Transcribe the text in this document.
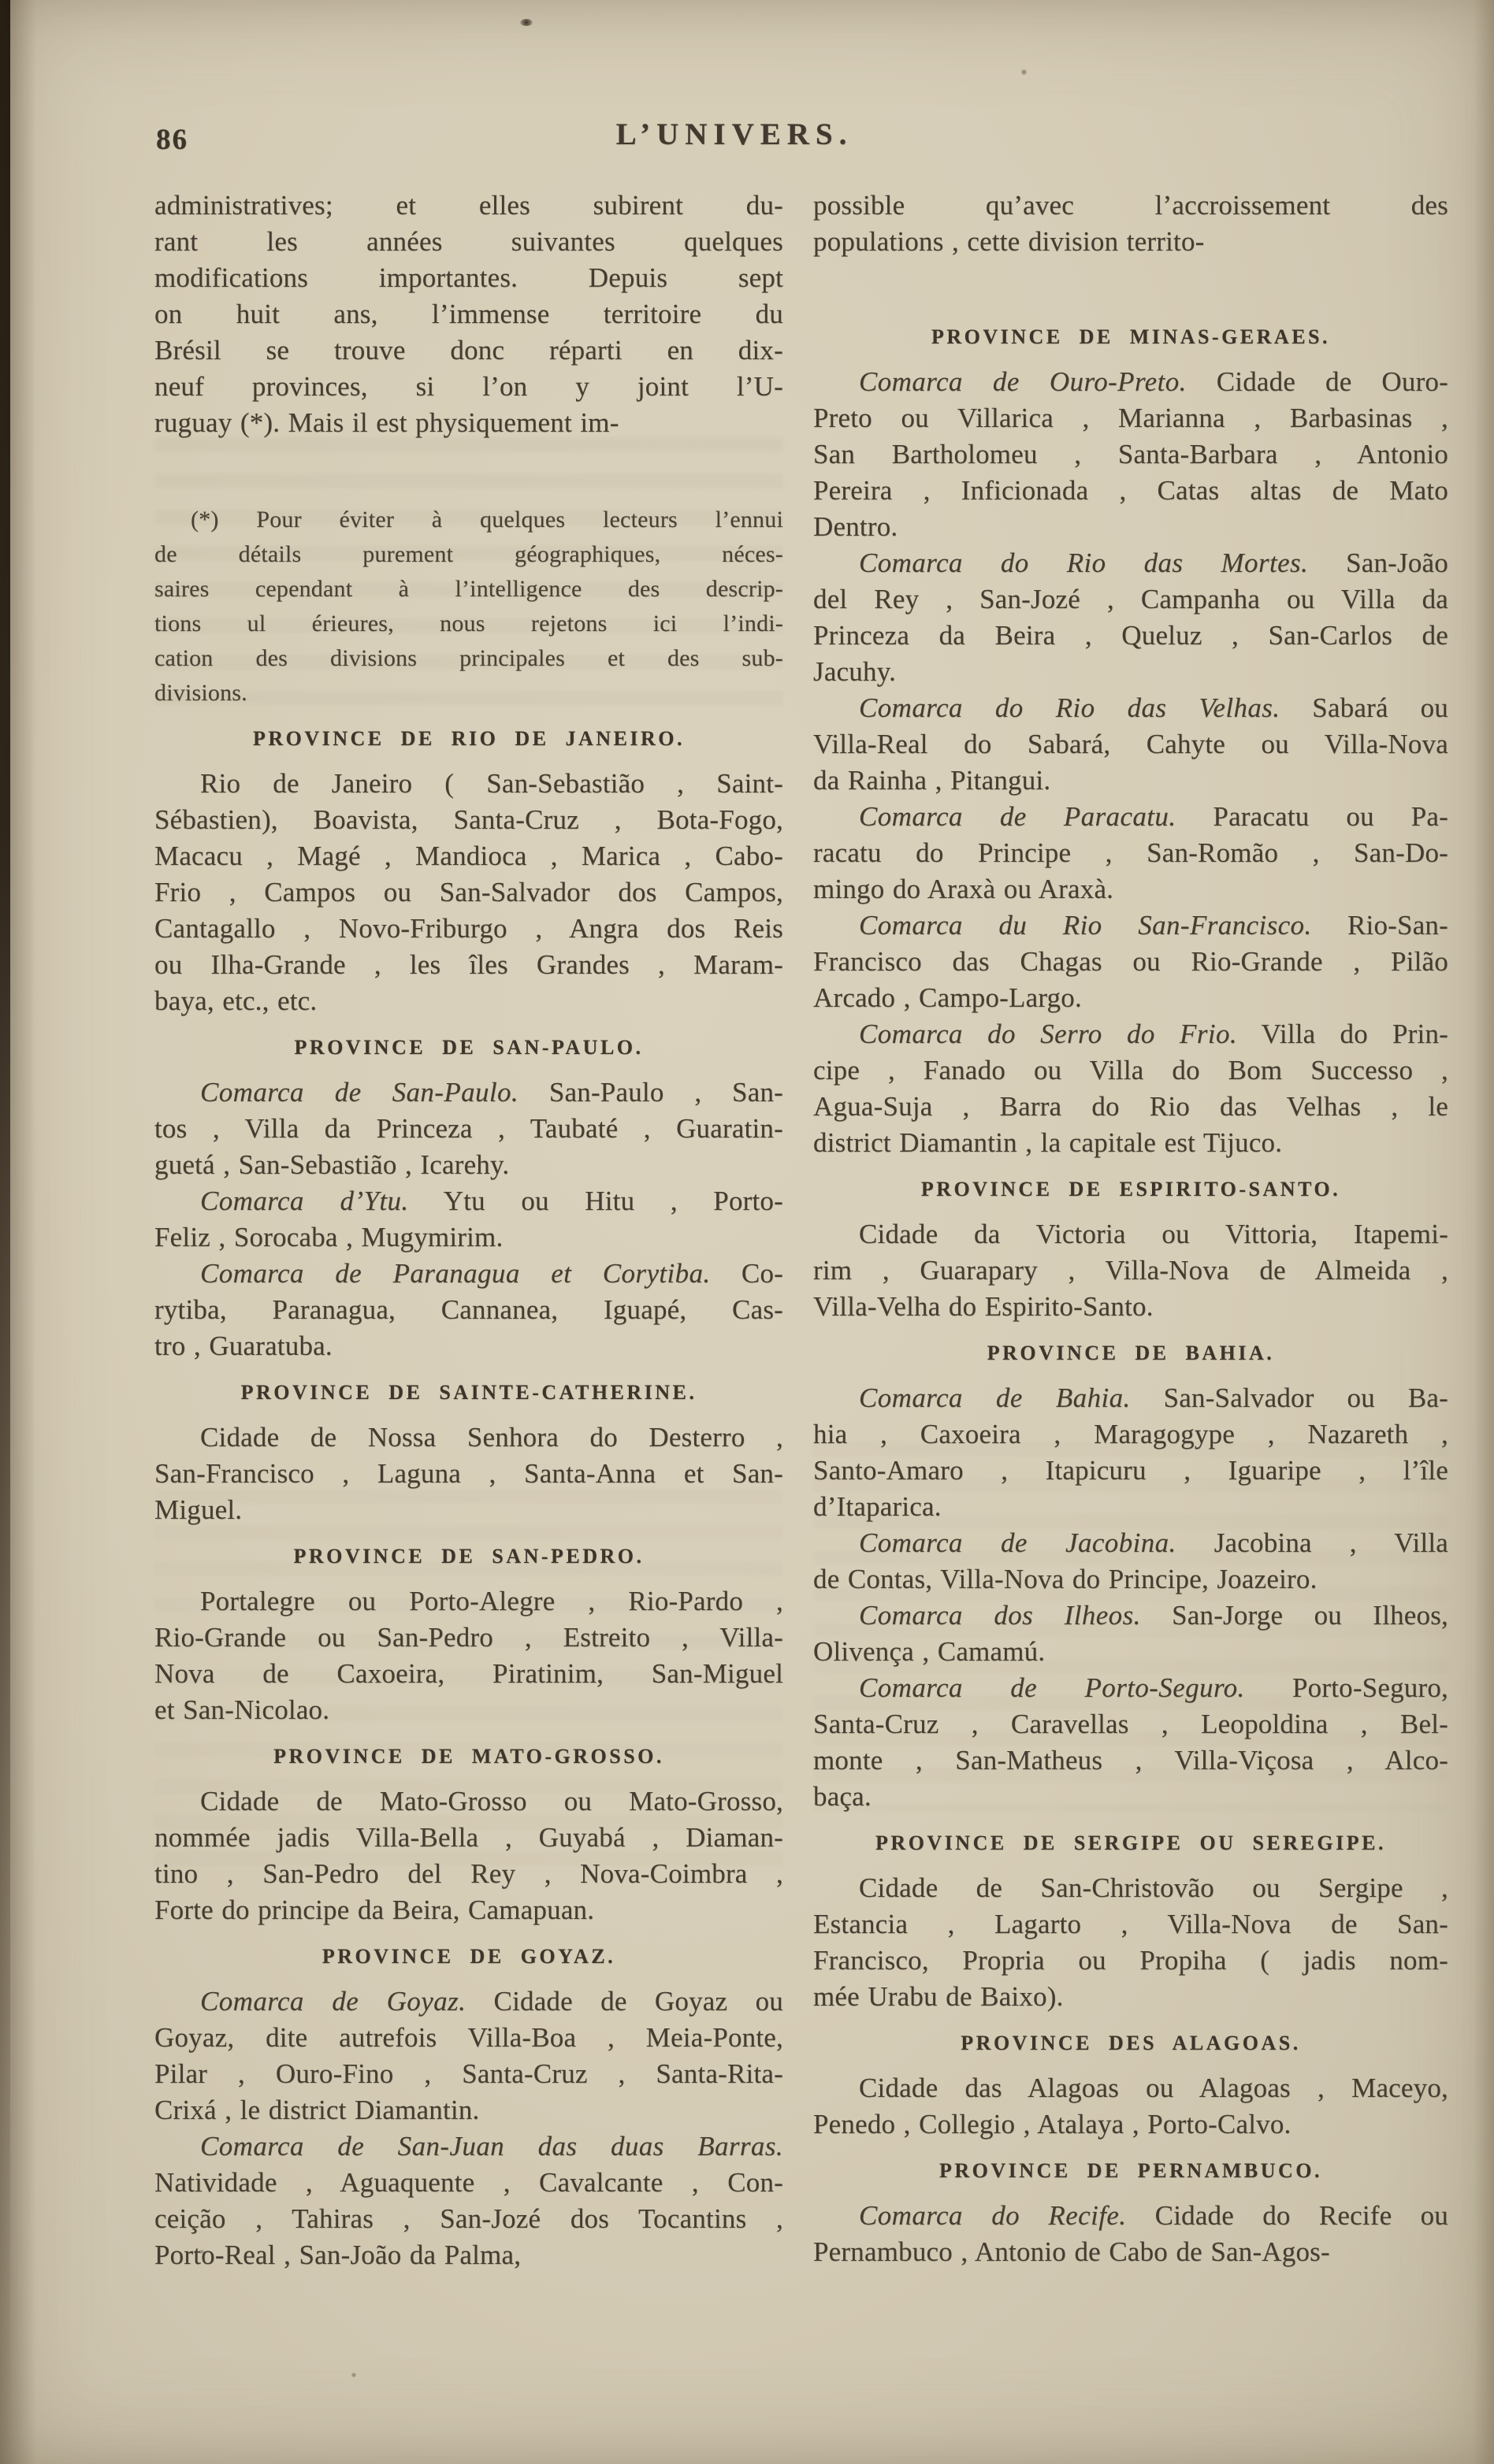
86	L’UNIVERS.
administratives; et elles subirent du-
rant les années suivantes quelques
modifications importantes. Depuis sept
on huit ans, l’immense territoire du
Brésil se trouve donc réparti en dix-
neuf provinces, si l’on y joint l’U-
ruguay (*). Mais il est physiquement im-
(*) Pour éviter à quelques lecteurs l’ennui
de détails purement géographiques, néces-
saires cependant à l’intelligence des descrip-
tions ul érieures, nous rejetons ici l’indi-
cation des divisions principales et des sub-
divisions.
PROVINCE DE RIO DE JANEIRO.
Rio de Janeiro ( San-Sebastião , Saint-
Sébastien), Boavista, Santa-Cruz , Bota-Fogo,
Macacu , Magé , Mandioca , Marica , Cabo-
Frio , Campos ou San-Salvador dos Campos,
Cantagallo , Novo-Friburgo , Angra dos Reis
ou Ilha-Grande , les îles Grandes , Maram-
baya, etc., etc.
PROVINCE DE SAN-PAULO.
Comarca de San-Paulo. San-Paulo , San-
tos , Villa da Princeza , Taubaté , Guaratin-
guetá , San-Sebastião , Icarehy.
Comarca d’Ytu. Ytu ou Hitu , Porto-
Feliz , Sorocaba , Mugymirim.
Comarca de Paranagua et Corytiba. Co-
rytiba, Paranagua, Cannanea, Iguapé, Cas-
tro , Guaratuba.
PROVINCE DE SAINTE-CATHERINE.
Cidade de Nossa Senhora do Desterro ,
San-Francisco , Laguna , Santa-Anna et San-
Miguel.
PROVINCE DE SAN-PEDRO.
Portalegre ou Porto-Alegre , Rio-Pardo ,
Rio-Grande ou San-Pedro , Estreito , Villa-
Nova de Caxoeira, Piratinim, San-Miguel
et San-Nicolao.
PROVINCE DE MATO-GROSSO.
Cidade de Mato-Grosso ou Mato-Grosso,
nommée jadis Villa-Bella , Guyabá , Diaman-
tino , San-Pedro del Rey , Nova-Coimbra ,
Forte do principe da Beira, Camapuan.
PROVINCE DE GOYAZ.
Comarca de Goyaz. Cidade de Goyaz ou
Goyaz, dite autrefois Villa-Boa , Meia-Ponte,
Pilar , Ouro-Fino , Santa-Cruz , Santa-Rita-
Crixá , le district Diamantin.
Comarca de San-Juan das duas Barras.
Natividade , Aguaquente , Cavalcante , Con-
ceição , Tahiras , San-Jozé dos Tocantins ,
Porto-Real , San-João da Palma,
possible qu’avec l’accroissement des
populations , cette division territo-
PROVINCE DE MINAS-GERAES.
Comarca de Ouro-Preto. Cidade de Ouro-
Preto ou Villarica , Marianna , Barbasinas ,
San Bartholomeu , Santa-Barbara , Antonio
Pereira , Inficionada , Catas altas de Mato
Dentro.
Comarca do Rio das Mortes. San-João
del Rey , San-Jozé , Campanha ou Villa da
Princeza da Beira , Queluz , San-Carlos de
Jacuhy.
Comarca do Rio das Velhas. Sabará ou
Villa-Real do Sabará, Cahyte ou Villa-Nova
da Rainha , Pitangui.
Comarca de Paracatu. Paracatu ou Pa-
racatu do Principe , San-Romão , San-Do-
mingo do Araxà ou Araxà.
Comarca du Rio San-Francisco. Rio-San-
Francisco das Chagas ou Rio-Grande , Pilão
Arcado , Campo-Largo.
Comarca do Serro do Frio. Villa do Prin-
cipe , Fanado ou Villa do Bom Successo ,
Agua-Suja , Barra do Rio das Velhas , le
district Diamantin , la capitale est Tijuco.
PROVINCE DE ESPIRITO-SANTO.
Cidade da Victoria ou Vittoria, Itapemi-
rim , Guarapary , Villa-Nova de Almeida ,
Villa-Velha do Espirito-Santo.
PROVINCE DE BAHIA.
Comarca de Bahia. San-Salvador ou Ba-
hia , Caxoeira , Maragogype , Nazareth ,
Santo-Amaro , Itapicuru , Iguaripe , l’île
d’Itaparica.
Comarca de Jacobina. Jacobina , Villa
de Contas, Villa-Nova do Principe, Joazeiro.
Comarca dos Ilheos. San-Jorge ou Ilheos,
Olivença , Camamú.
Comarca de Porto-Seguro. Porto-Seguro,
Santa-Cruz , Caravellas , Leopoldina , Bel-
monte , San-Matheus , Villa-Viçosa , Alco-
baça.
PROVINCE DE SERGIPE OU SEREGIPE.
Cidade de San-Christovão ou Sergipe ,
Estancia , Lagarto , Villa-Nova de San-
Francisco, Propria ou Propiha ( jadis nom-
mée Urabu de Baixo).
PROVINCE DES ALAGOAS.
Cidade das Alagoas ou Alagoas , Maceyo,
Penedo , Collegio , Atalaya , Porto-Calvo.
PROVINCE DE PERNAMBUCO.
Comarca do Recife. Cidade do Recife ou
Pernambuco , Antonio de Cabo de San-Agos-
